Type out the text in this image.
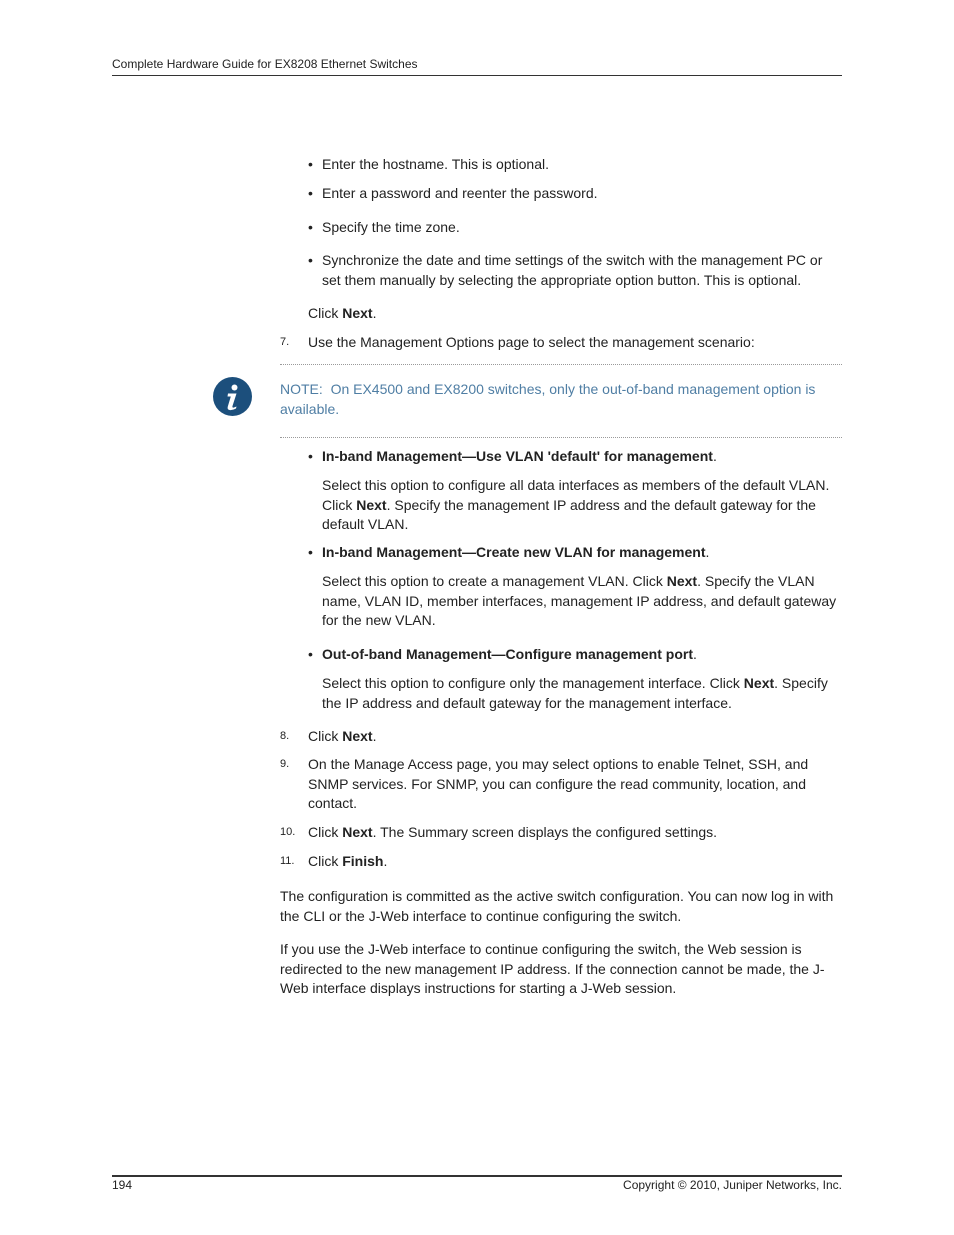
Complete Hardware Guide for EX8208 Ethernet Switches
• Enter the hostname. This is optional.
• Enter a password and reenter the password.
• Specify the time zone.
• Synchronize the date and time settings of the switch with the management PC or set them manually by selecting the appropriate option button. This is optional.
Click Next.
7.	Use the Management Options page to select the management scenario:
NOTE: On EX4500 and EX8200 switches, only the out-of-band management option is available.
• In-band Management—Use VLAN 'default' for management.
Select this option to configure all data interfaces as members of the default VLAN. Click Next. Specify the management IP address and the default gateway for the default VLAN.
• In-band Management—Create new VLAN for management.
Select this option to create a management VLAN. Click Next. Specify the VLAN name, VLAN ID, member interfaces, management IP address, and default gateway for the new VLAN.
• Out-of-band Management—Configure management port.
Select this option to configure only the management interface. Click Next. Specify the IP address and default gateway for the management interface.
8.	Click Next.
9.	On the Manage Access page, you may select options to enable Telnet, SSH, and SNMP services. For SNMP, you can configure the read community, location, and contact.
10. Click Next. The Summary screen displays the configured settings.
11. Click Finish.
The configuration is committed as the active switch configuration. You can now log in with the CLI or the J-Web interface to continue configuring the switch.
If you use the J-Web interface to continue configuring the switch, the Web session is redirected to the new management IP address. If the connection cannot be made, the J-Web interface displays instructions for starting a J-Web session.
194	Copyright © 2010, Juniper Networks, Inc.
